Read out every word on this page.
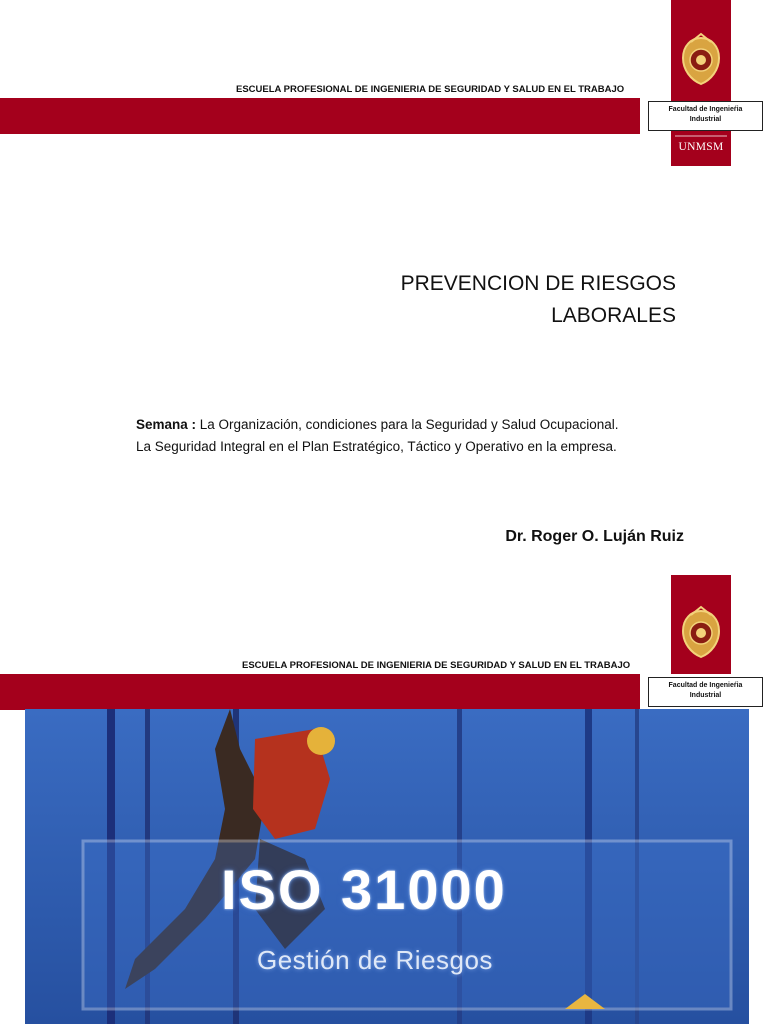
ESCUELA PROFESIONAL DE INGENIERIA DE SEGURIDAD Y SALUD EN EL TRABAJO
UNMSM
Facultad de Ingenieŕia
Industrial
PREVENCION DE RIESGOS
LABORALES
Semana : La Organización, condiciones para la Seguridad y Salud Ocupacional.
La Seguridad Integral en el Plan Estratégico, Táctico y Operativo en la empresa.
Dr. Roger O. Luján Ruiz
ESCUELA PROFESIONAL DE INGENIERIA DE SEGURIDAD Y SALUD EN EL TRABAJO
Facultad de Ingenieŕia
Industrial
ISO 31000
Gestión de Riesgos
